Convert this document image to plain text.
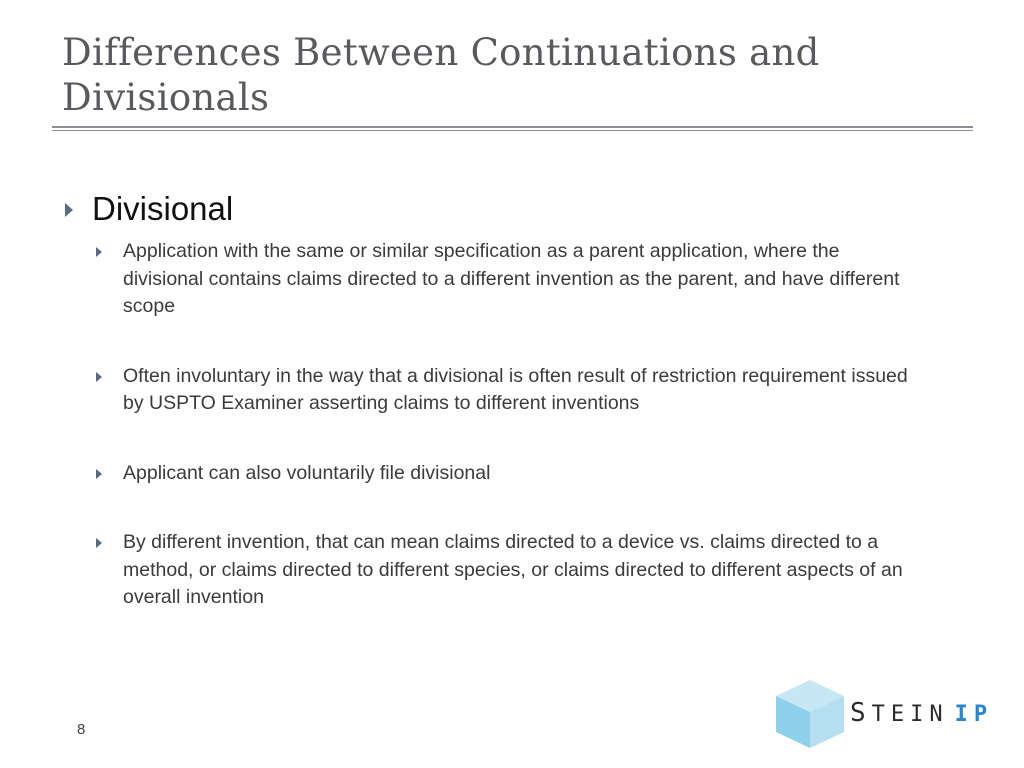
Differences Between Continuations and Divisionals
Divisional
Application with the same or similar specification as a parent application, where the divisional contains claims directed to a different invention as the parent, and have different scope
Often involuntary in the way that a divisional is often result of restriction requirement issued by USPTO Examiner asserting claims to different inventions
Applicant can also voluntarily file divisional
By different invention, that can mean claims directed to a device vs. claims directed to a method, or claims directed to different species, or claims directed to different aspects of an overall invention
8
STEIN IP
